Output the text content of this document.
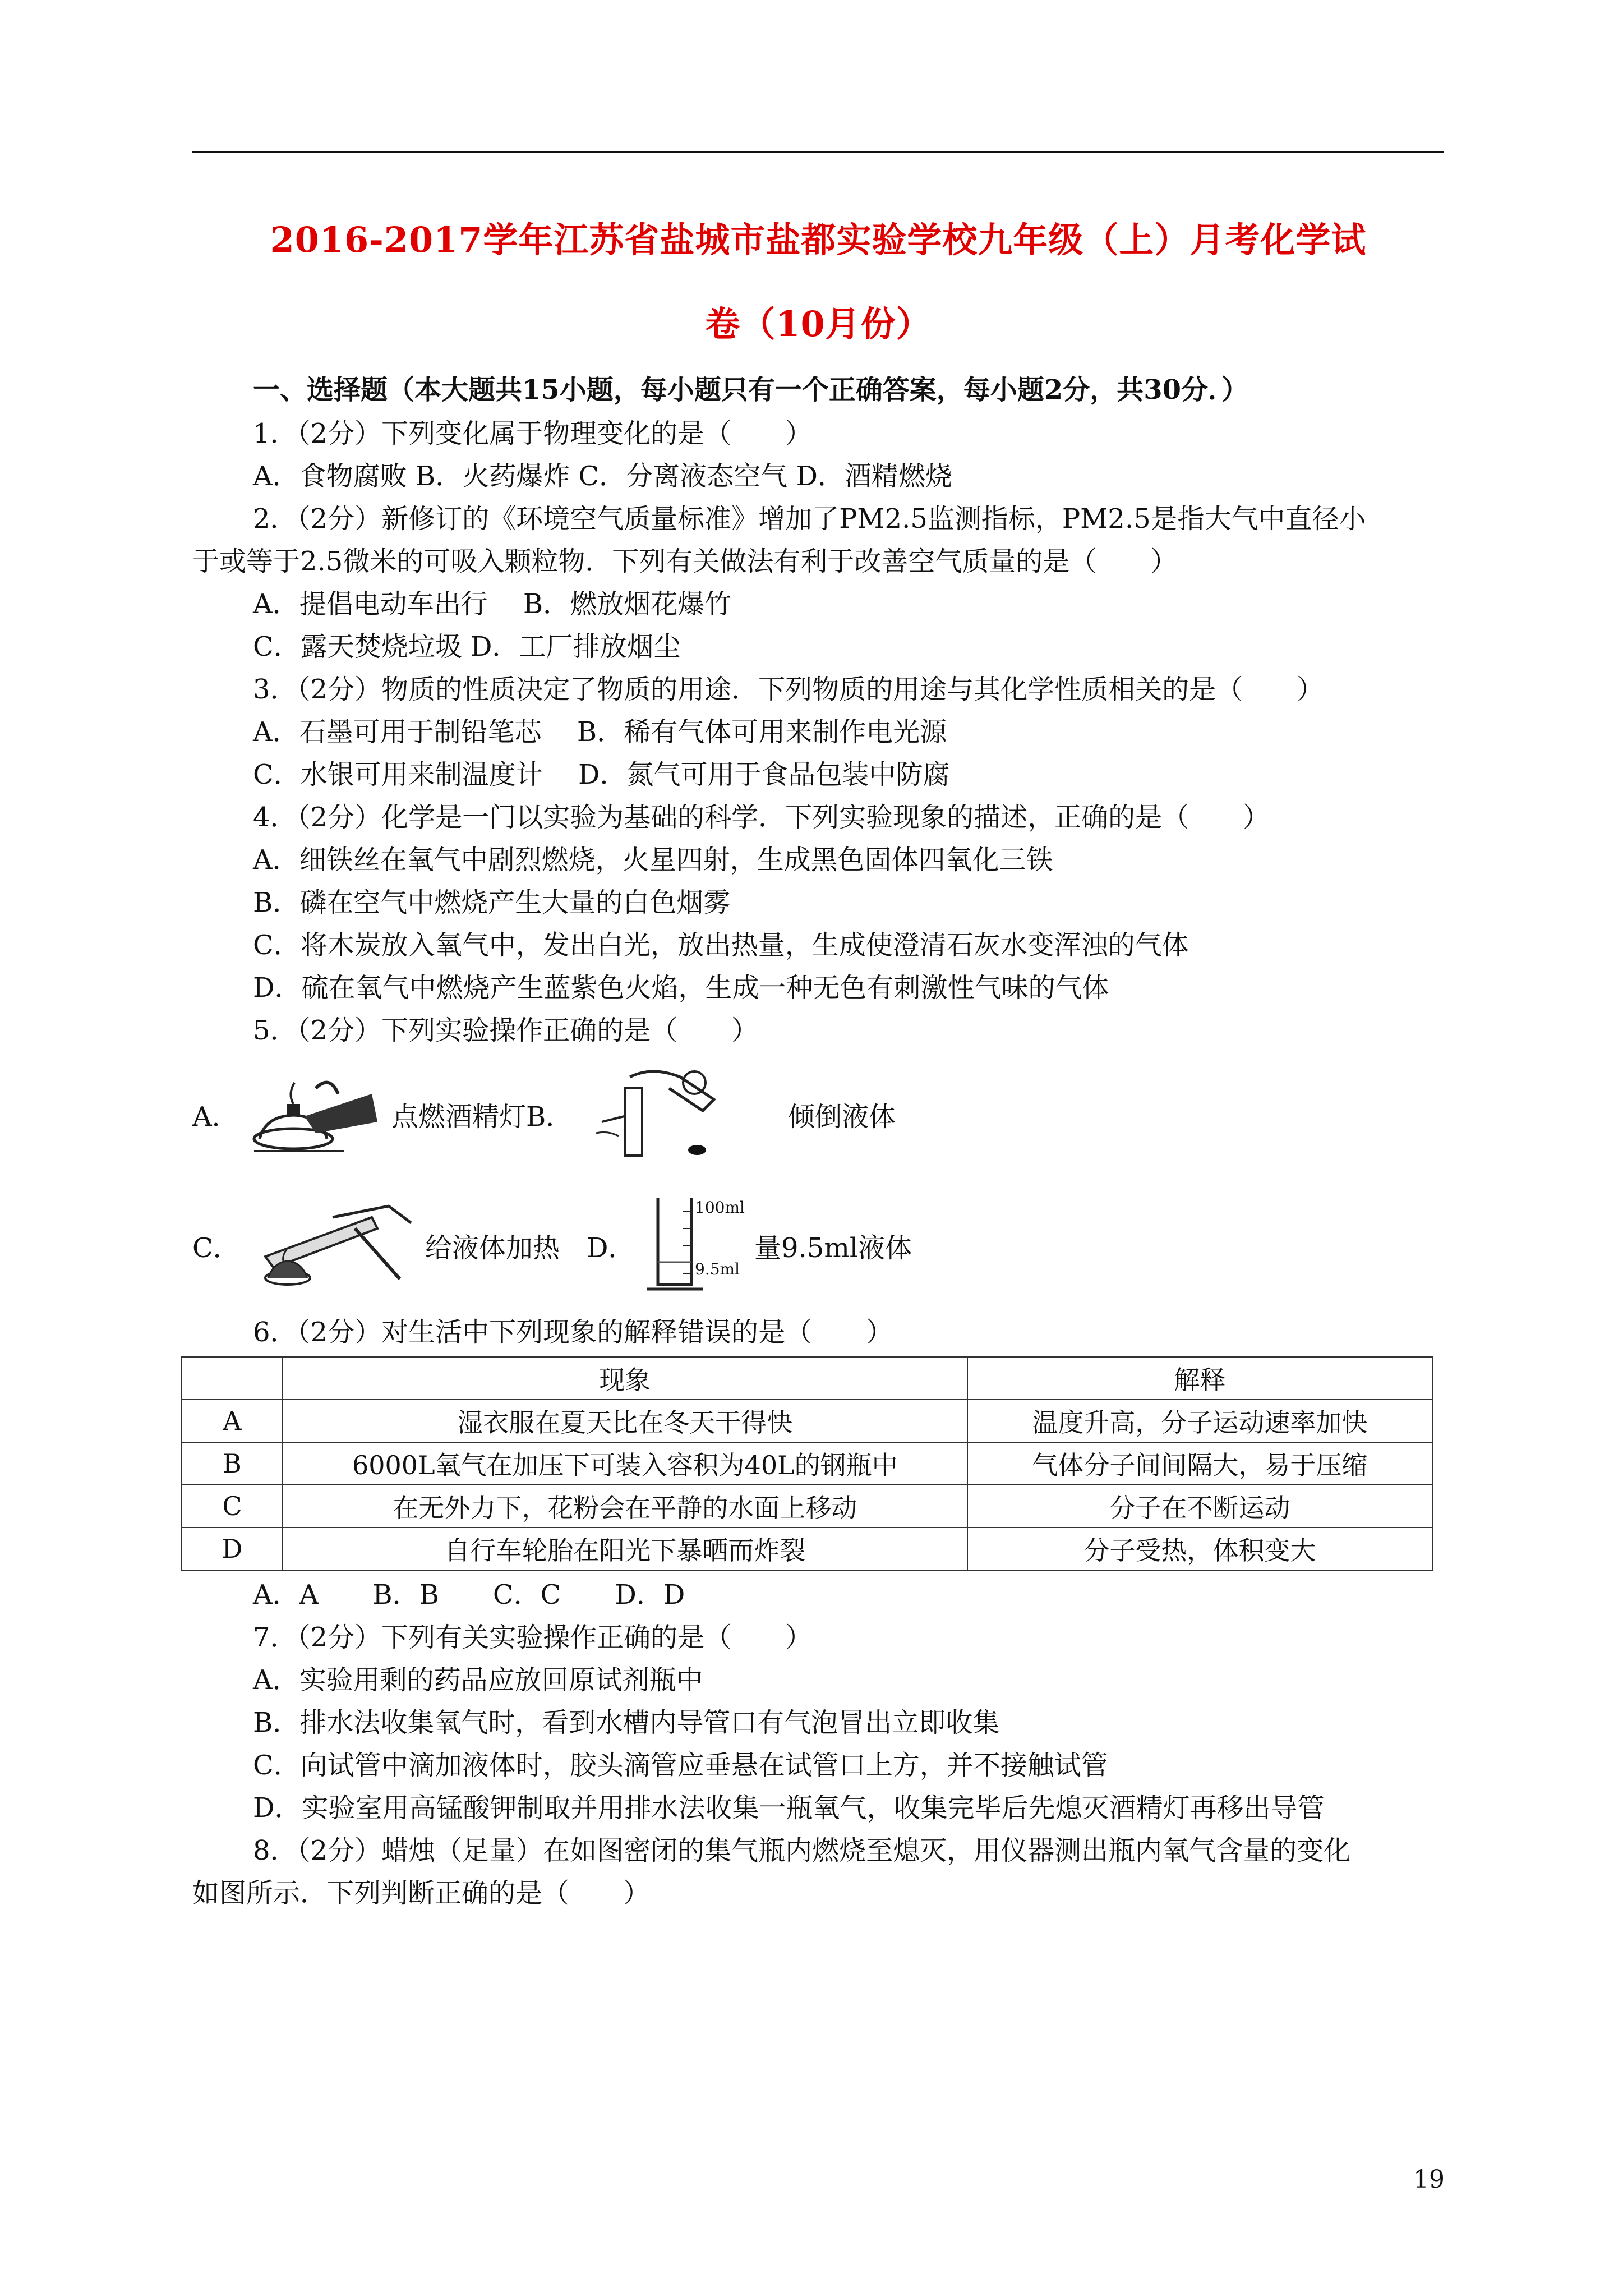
2016-2017学年江苏省盐城市盐都实验学校九年级（上）月考化学试
卷（10月份）
一、选择题（本大题共15小题，每小题只有一个正确答案，每小题2分，共30分．）
1．（2分）下列变化属于物理变化的是（　　）
A．食物腐败 B．火药爆炸 C．分离液态空气 D．酒精燃烧
2．（2分）新修订的《环境空气质量标准》增加了PM2.5监测指标，PM2.5是指大气中直径小
于或等于2.5微米的可吸入颗粒物．下列有关做法有利于改善空气质量的是（　　）
A．提倡电动车出行　 B．燃放烟花爆竹
C．露天焚烧垃圾 D．工厂排放烟尘
3．（2分）物质的性质决定了物质的用途．下列物质的用途与其化学性质相关的是（　　）
A．石墨可用于制铅笔芯　 B．稀有气体可用来制作电光源
C．水银可用来制温度计　 D．氮气可用于食品包装中防腐
4．（2分）化学是一门以实验为基础的科学．下列实验现象的描述，正确的是（　　）
A．细铁丝在氧气中剧烈燃烧，火星四射，生成黑色固体四氧化三铁
B．磷在空气中燃烧产生大量的白色烟雾
C．将木炭放入氧气中，发出白光，放出热量，生成使澄清石灰水变浑浊的气体
D．硫在氧气中燃烧产生蓝紫色火焰，生成一种无色有刺激性气味的气体
5．（2分）下列实验操作正确的是（　　）
A．	点燃酒精灯B．	倾倒液体
C．	给液体加热　D．
100ml
9.5ml
量9.5ml液体
6．（2分）对生活中下列现象的解释错误的是（　　）
	现象	解释
A	湿衣服在夏天比在冬天干得快	温度升高，分子运动速率加快
B	6000L氧气在加压下可装入容积为40L的钢瓶中	气体分子间间隔大，易于压缩
C	在无外力下，花粉会在平静的水面上移动	分子在不断运动
D	自行车轮胎在阳光下暴晒而炸裂	分子受热，体积变大
A．A　　B．B　　C．C　　D．D
7．（2分）下列有关实验操作正确的是（　　）
A．实验用剩的药品应放回原试剂瓶中
B．排水法收集氧气时，看到水槽内导管口有气泡冒出立即收集
C．向试管中滴加液体时，胶头滴管应垂悬在试管口上方，并不接触试管
D．实验室用高锰酸钾制取并用排水法收集一瓶氧气，收集完毕后先熄灭酒精灯再移出导管
8．（2分）蜡烛（足量）在如图密闭的集气瓶内燃烧至熄灭，用仪器测出瓶内氧气含量的变化
如图所示．下列判断正确的是（　　）
19
